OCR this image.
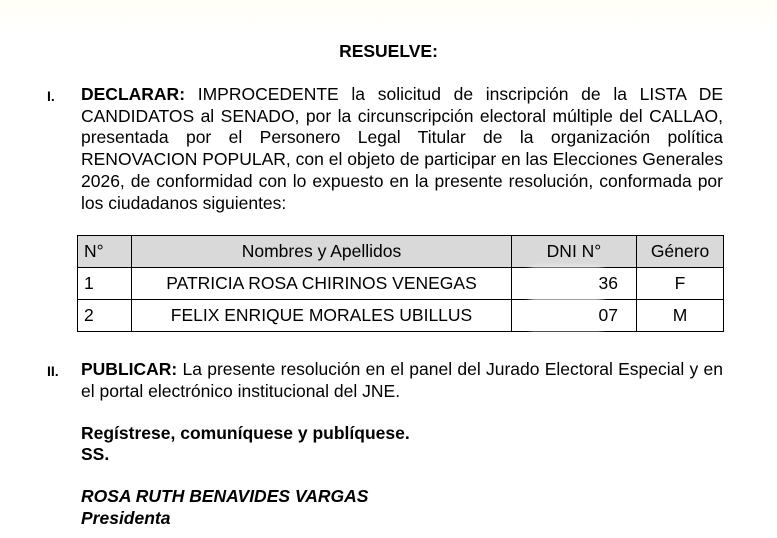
RESUELVE:
I. DECLARAR: IMPROCEDENTE la solicitud de inscripción de la LISTA DE CANDIDATOS al SENADO, por la circunscripción electoral múltiple del CALLAO, presentada por el Personero Legal Titular de la organización política RENOVACION POPULAR, con el objeto de participar en las Elecciones Generales 2026, de conformidad con lo expuesto en la presente resolución, conformada por los ciudadanos siguientes:
N°	Nombres y Apellidos	DNI N°	Género
1	PATRICIA ROSA CHIRINOS VENEGAS	36	F
2	FELIX ENRIQUE MORALES UBILLUS	07	M
II. PUBLICAR: La presente resolución en el panel del Jurado Electoral Especial y en el portal electrónico institucional del JNE.
Regístrese, comuníquese y publíquese.
SS.
ROSA RUTH BENAVIDES VARGAS
Presidenta
